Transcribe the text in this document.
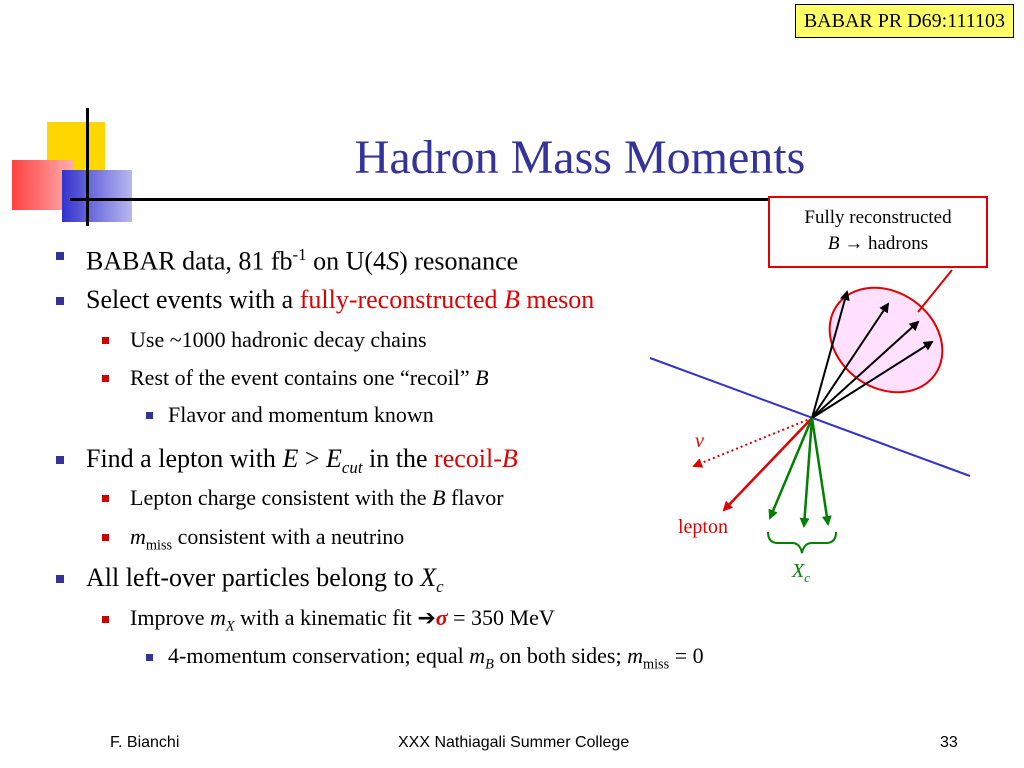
BABAR PR D69:111103
Hadron Mass Moments
BABAR data, 81 $fb^{-1}$ on U(4S) resonance
Select events with a fully-reconstructed B meson
Use ~1000 hadronic decay chains
Rest of the event contains one “recoil” B
Flavor and momentum known
Find a lepton with $E > E_{cut}$ in the recoil-B
Lepton charge consistent with the B flavor
$m_{miss}$ consistent with a neutrino
All left-over particles belong to $X_c$
Improve $m_X$ with a kinematic fit ➔σ = 350 MeV
4-momentum conservation; equal $m_B$ on both sides; $m_{miss} = 0$
ν
lepton
$X_c$
Fully reconstructed
B → hadrons
F. Bianchi	XXX Nathiagali Summer College	33
